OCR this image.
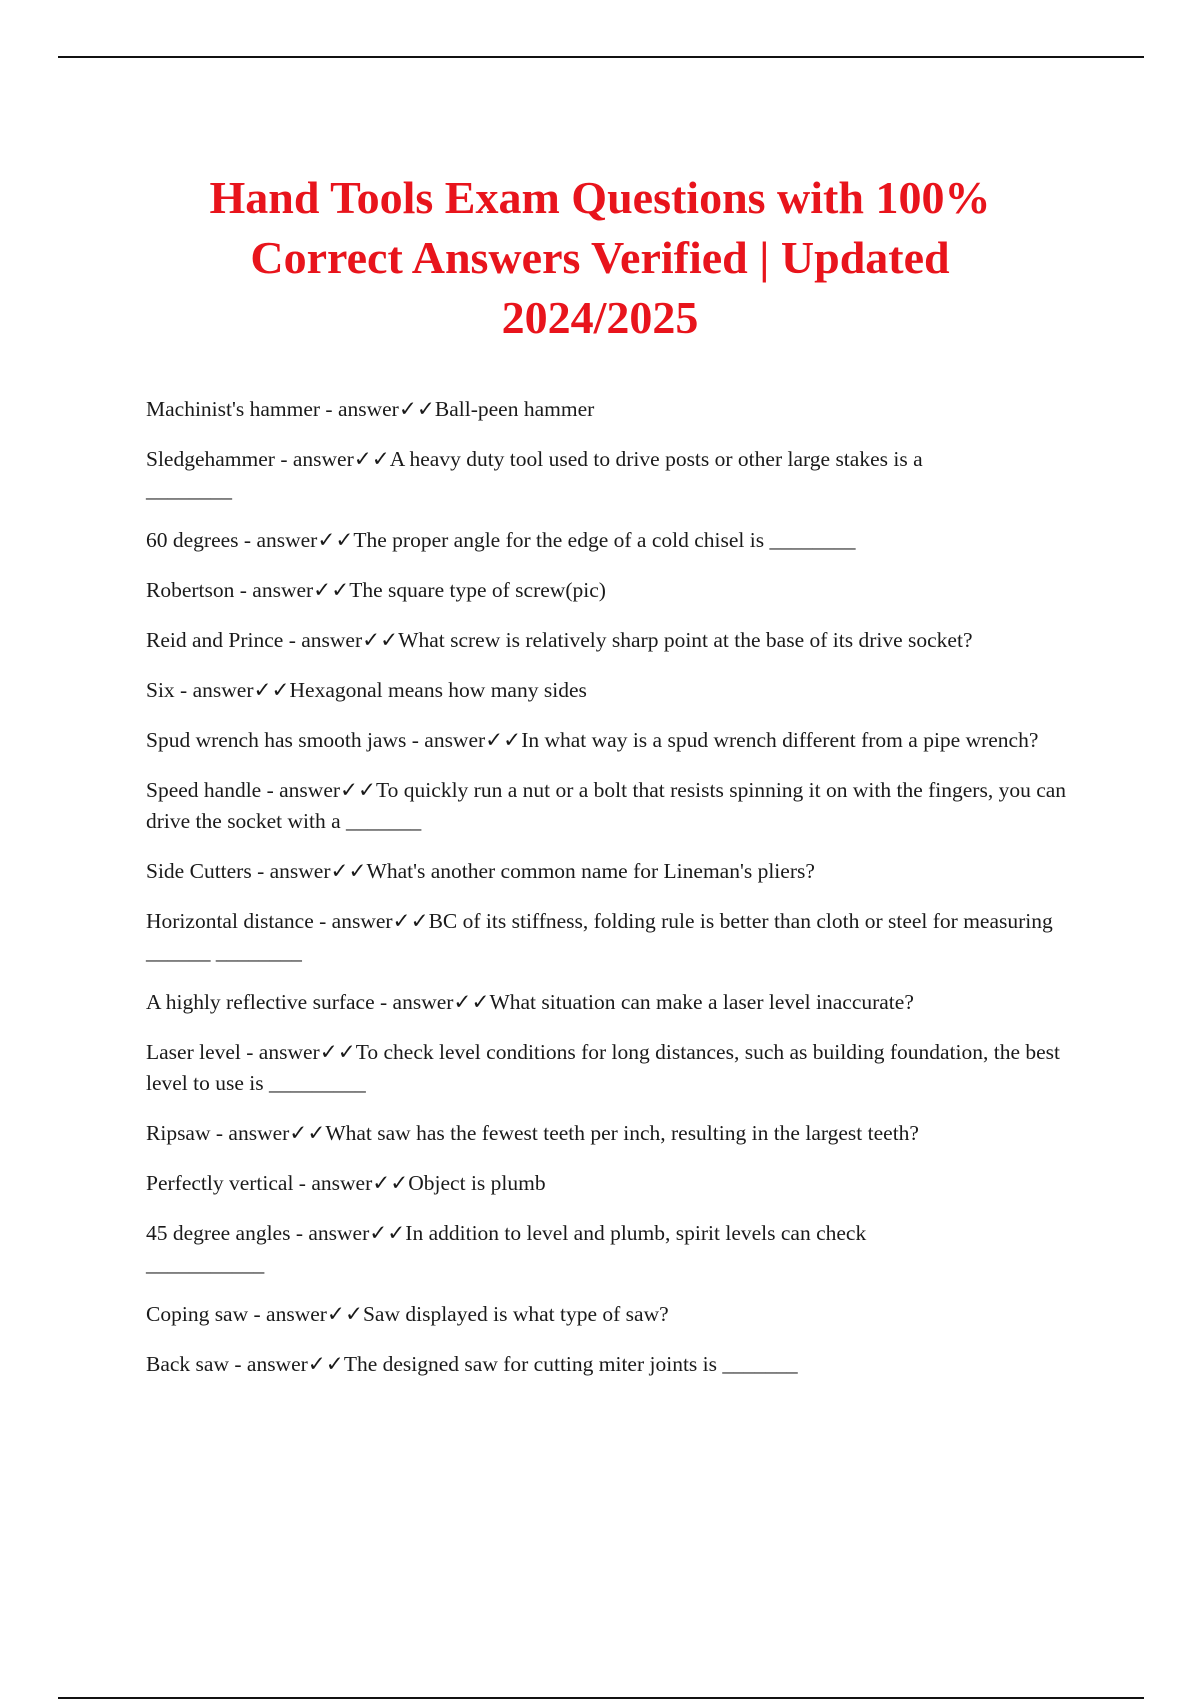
Hand Tools Exam Questions with 100%
Correct Answers Verified | Updated
2024/2025
Machinist's hammer - answer✓✓Ball-peen hammer
Sledgehammer - answer✓✓A heavy duty tool used to drive posts or other large stakes is a
________
60 degrees - answer✓✓The proper angle for the edge of a cold chisel is ________
Robertson - answer✓✓The square type of screw(pic)
Reid and Prince - answer✓✓What screw is relatively sharp point at the base of its drive socket?
Six - answer✓✓Hexagonal means how many sides
Spud wrench has smooth jaws - answer✓✓In what way is a spud wrench different from a pipe wrench?
Speed handle - answer✓✓To quickly run a nut or a bolt that resists spinning it on with the fingers, you can drive the socket with a _______
Side Cutters - answer✓✓What's another common name for Lineman's pliers?
Horizontal distance - answer✓✓BC of its stiffness, folding rule is better than cloth or steel for measuring ______ ________
A highly reflective surface - answer✓✓What situation can make a laser level inaccurate?
Laser level - answer✓✓To check level conditions for long distances, such as building foundation, the best level to use is _________
Ripsaw - answer✓✓What saw has the fewest teeth per inch, resulting in the largest teeth?
Perfectly vertical - answer✓✓Object is plumb
45 degree angles - answer✓✓In addition to level and plumb, spirit levels can check
___________
Coping saw - answer✓✓Saw displayed is what type of saw?
Back saw - answer✓✓The designed saw for cutting miter joints is _______
